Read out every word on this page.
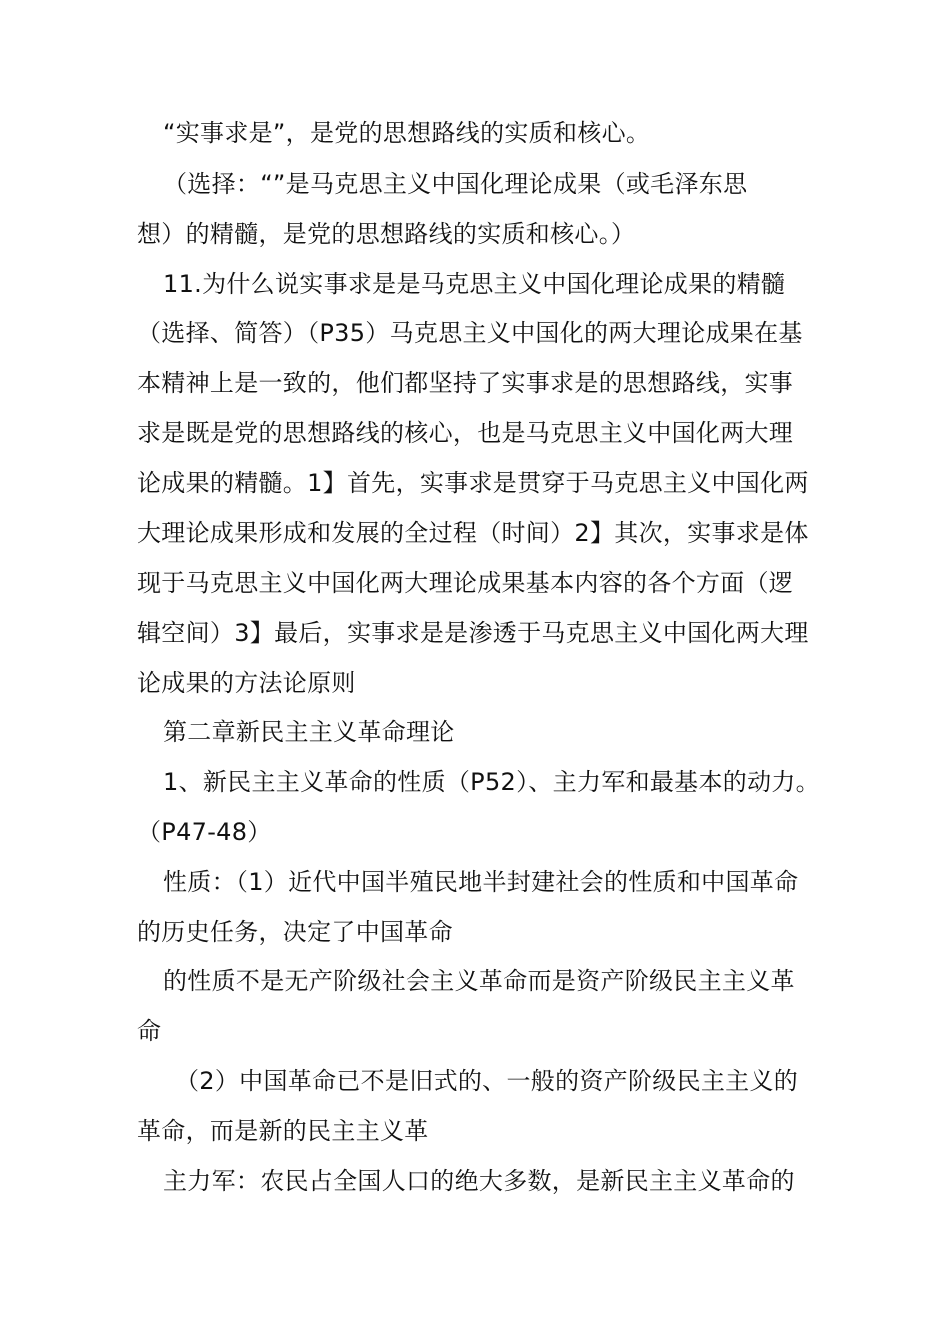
“实事求是”，是党的思想路线的实质和核心。
（选择：“”是马克思主义中国化理论成果（或毛泽东思
想）的精髓，是党的思想路线的实质和核心。）
11.为什么说实事求是是马克思主义中国化理论成果的精髓
（选择、简答）（P35）马克思主义中国化的两大理论成果在基
本精神上是一致的，他们都坚持了实事求是的思想路线，实事
求是既是党的思想路线的核心，也是马克思主义中国化两大理
论成果的精髓。1】首先，实事求是贯穿于马克思主义中国化两
大理论成果形成和发展的全过程（时间）2】其次，实事求是体
现于马克思主义中国化两大理论成果基本内容的各个方面（逻
辑空间）3】最后，实事求是是渗透于马克思主义中国化两大理
论成果的方法论原则
第二章新民主主义革命理论
1、新民主主义革命的性质（P52）、主力军和最基本的动力。
（P47-48）
性质：（1）近代中国半殖民地半封建社会的性质和中国革命
的历史任务，决定了中国革命
的性质不是无产阶级社会主义革命而是资产阶级民主主义革
命
（2）中国革命已不是旧式的、一般的资产阶级民主主义的
革命，而是新的民主主义革
主力军：农民占全国人口的绝大多数，是新民主主义革命的
